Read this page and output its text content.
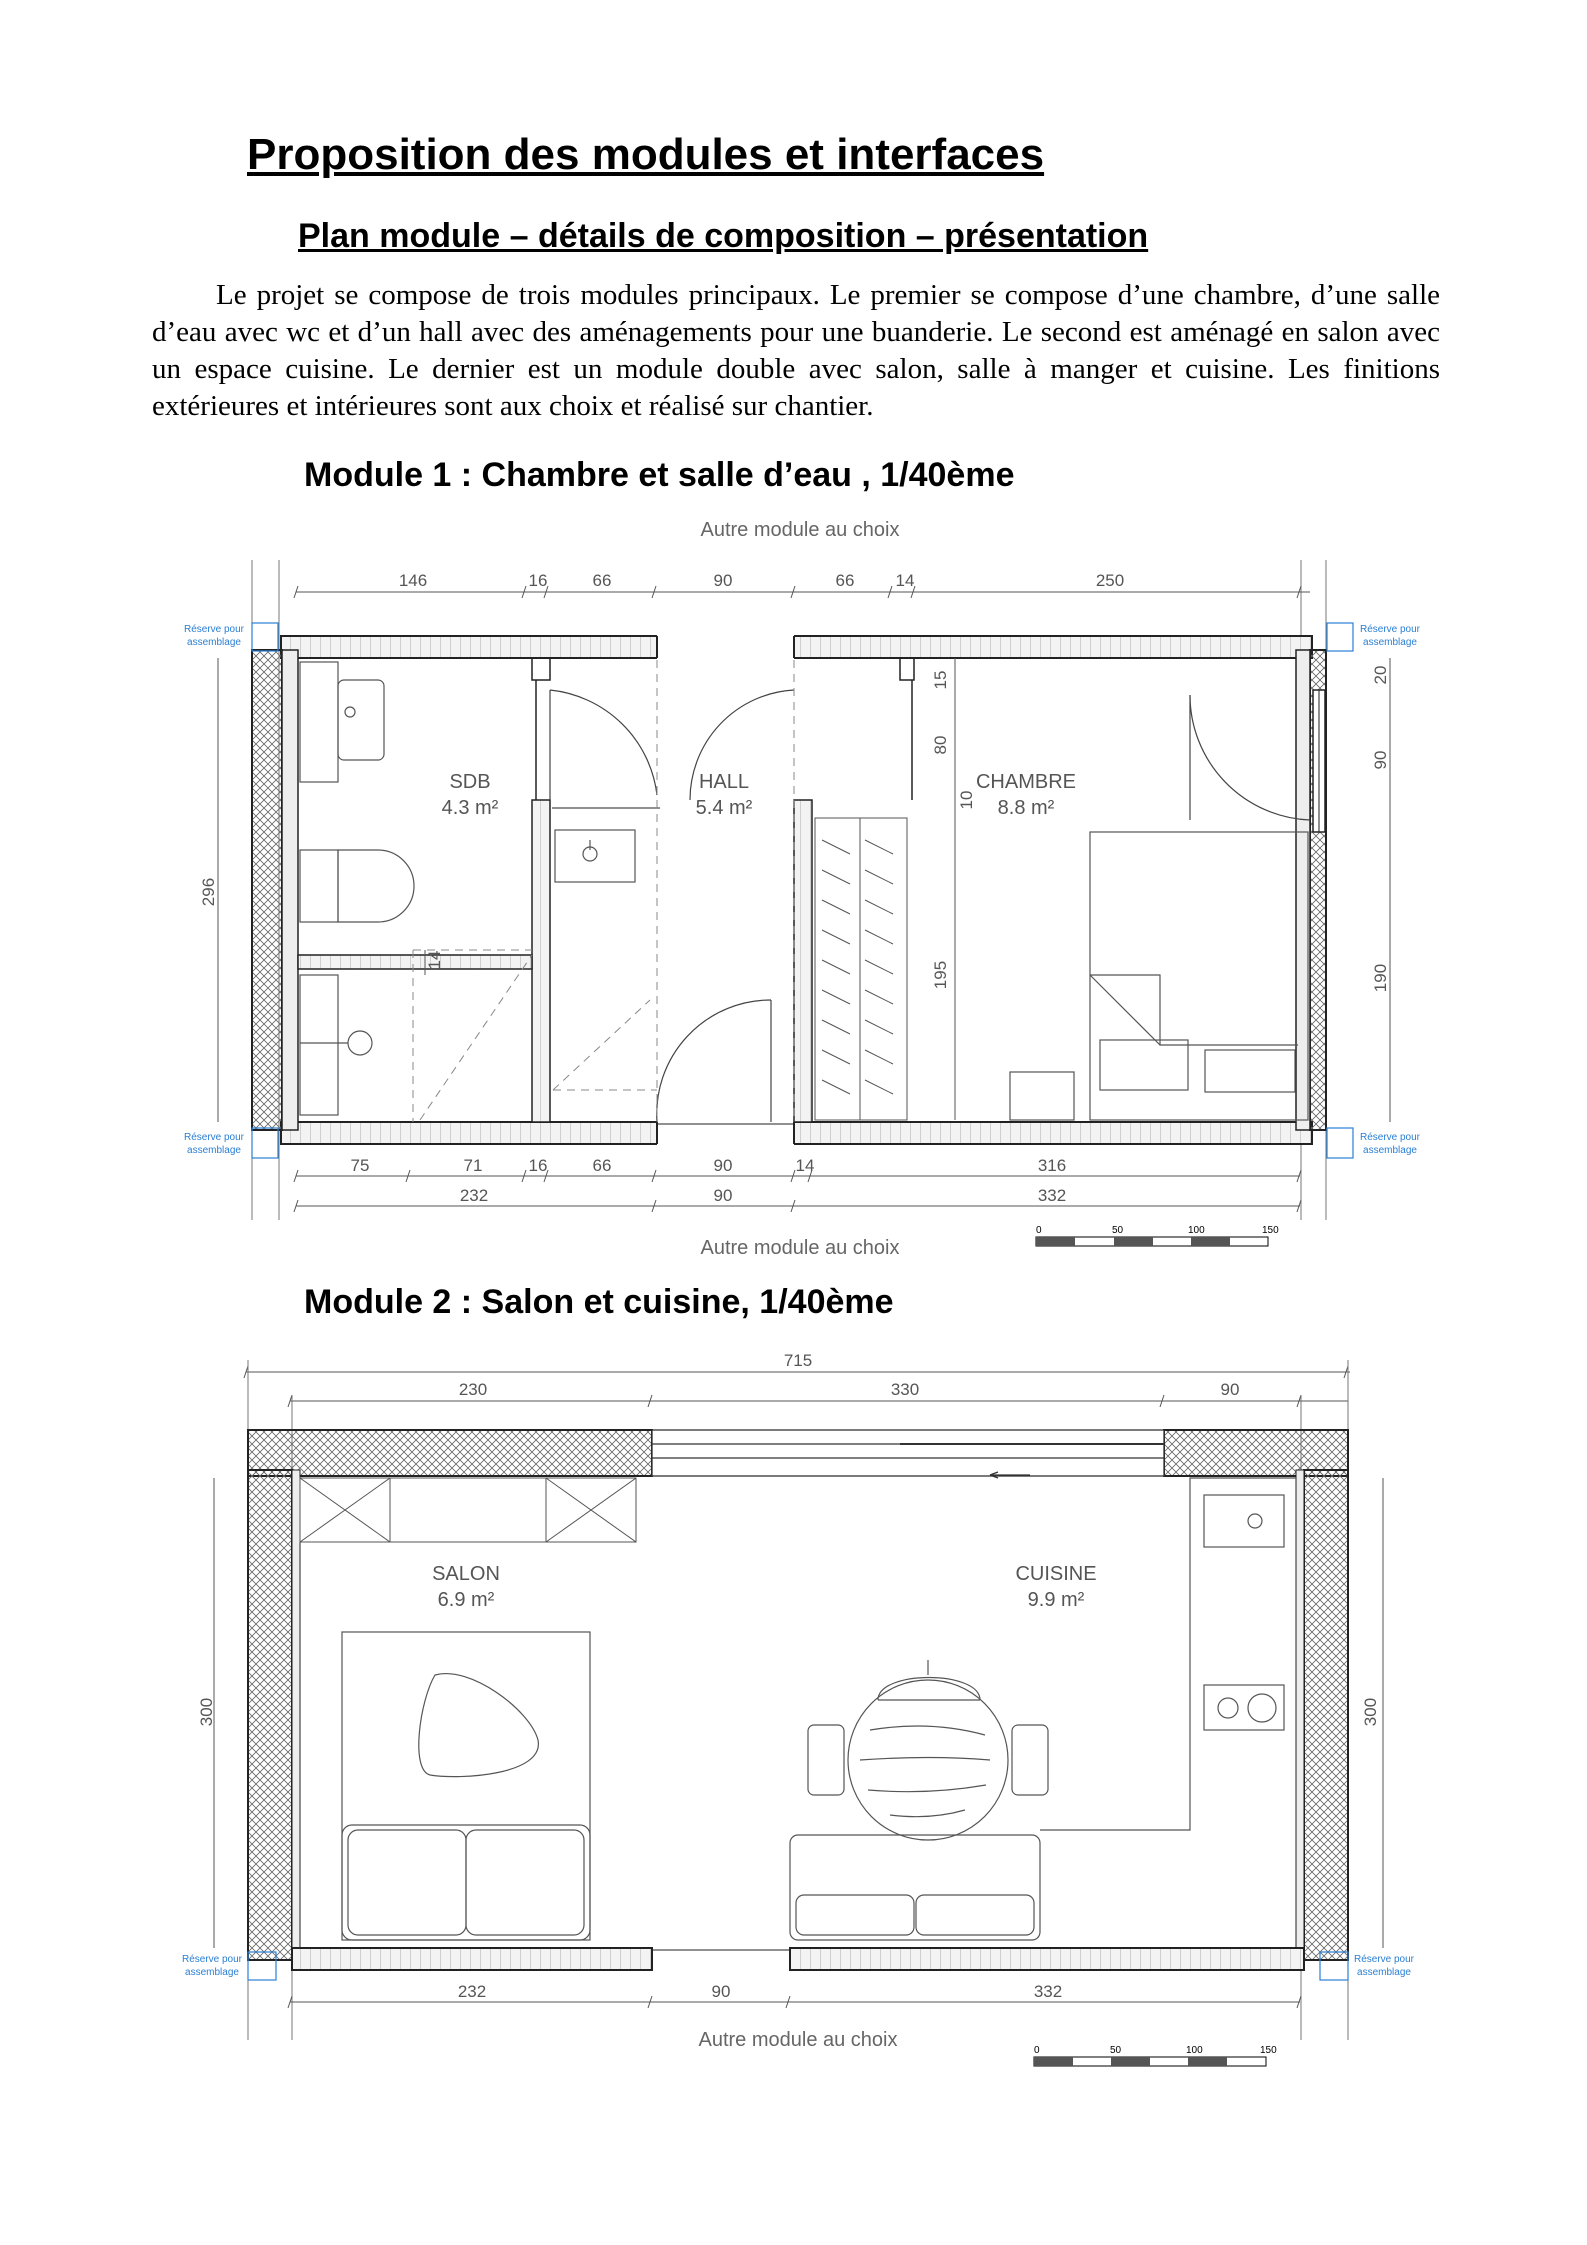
Proposition des modules et interfaces
Plan module – détails de composition – présentation

Le projet se compose de trois modules principaux. Le premier se compose d’une chambre, d’une salle d’eau avec wc et d’un hall avec des aménagements pour une buanderie. Le second est aménagé en salon avec un espace cuisine. Le dernier est un module double avec salon, salle à manger et cuisine. Les finitions extérieures et intérieures sont aux choix et réalisé sur chantier.

Module 1 : Chambre et salle d’eau , 1/40ème
Autre module au choix
Autre module au choix
146	16	66	90	66 14	250
15
80
10
195
14
SDB
4.3 m²
HALL
5.4 m²
CHAMBRE
8.8 m²
296
20
90
190
Réserve pour
assemblage
Réserve pour
assemblage
Réserve pour
assemblage
Réserve pour
assemblage
75	71	16	66	90	14	316
232	90	332
0	50	100	150
Module 2 : Salon et cuisine, 1/40ème
715
230	330	90
SALON
6.9 m²
CUISINE
9.9 m²
300	300
Réserve pour
assemblage
Réserve pour
assemblage
232	90	332
Autre module au choix	0	50	100	150
